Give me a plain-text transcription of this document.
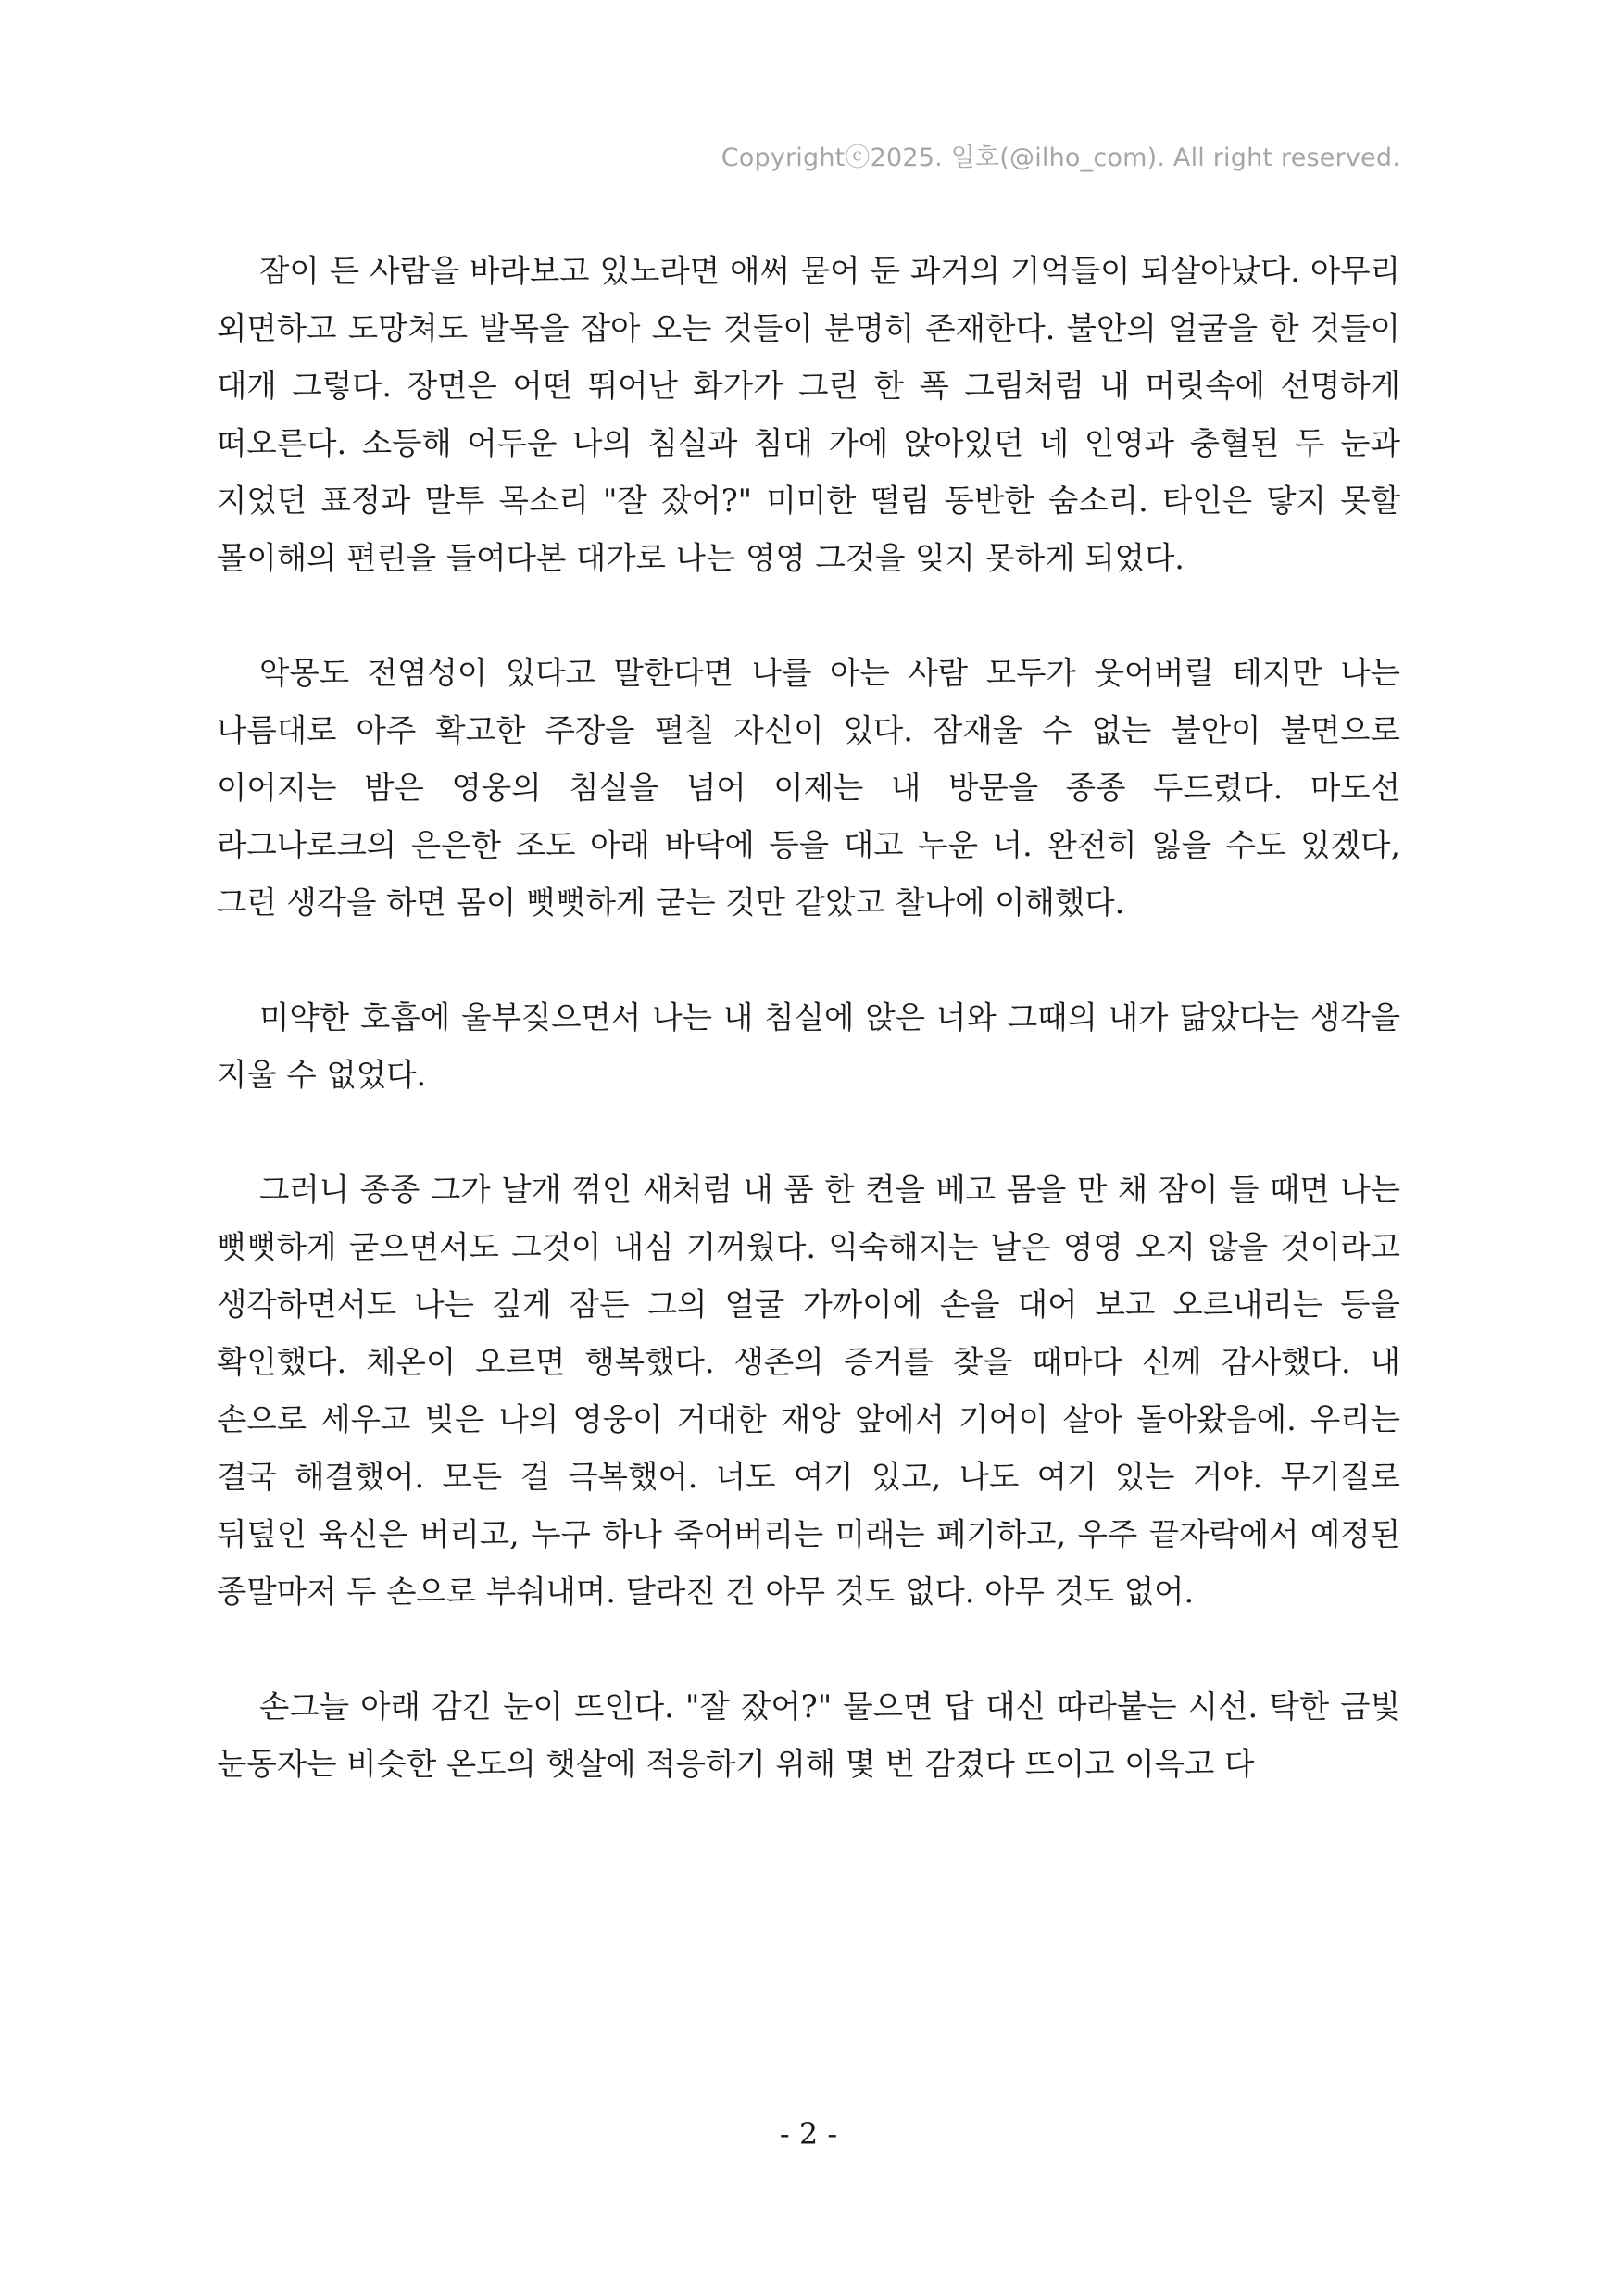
Copyrightⓒ2025. 일호(@ilho_com). All right reserved.

잠이 든 사람을 바라보고 있노라면 애써 묻어 둔 과거의 기억들이 되살아났다. 아무리 외면하고 도망쳐도 발목을 잡아 오는 것들이 분명히 존재한다. 불안의 얼굴을 한 것들이 대개 그렇다. 장면은 어떤 뛰어난 화가가 그린 한 폭 그림처럼 내 머릿속에 선명하게 떠오른다. 소등해 어두운 나의 침실과 침대 가에 앉아있던 네 인영과 충혈된 두 눈과 지었던 표정과 말투 목소리 "잘 잤어?" 미미한 떨림 동반한 숨소리. 타인은 닿지 못할 몰이해의 편린을 들여다본 대가로 나는 영영 그것을 잊지 못하게 되었다.

악몽도 전염성이 있다고 말한다면 나를 아는 사람 모두가 웃어버릴 테지만 나는 나름대로 아주 확고한 주장을 펼칠 자신이 있다. 잠재울 수 없는 불안이 불면으로 이어지는 밤은 영웅의 침실을 넘어 이제는 내 방문을 종종 두드렸다. 마도선 라그나로크의 은은한 조도 아래 바닥에 등을 대고 누운 너. 완전히 잃을 수도 있겠다, 그런 생각을 하면 몸이 뻣뻣하게 굳는 것만 같았고 찰나에 이해했다.

미약한 호흡에 울부짖으면서 나는 내 침실에 앉은 너와 그때의 내가 닮았다는 생각을 지울 수 없었다.

그러니 종종 그가 날개 꺾인 새처럼 내 품 한 켠을 베고 몸을 만 채 잠이 들 때면 나는 뻣뻣하게 굳으면서도 그것이 내심 기꺼웠다. 익숙해지는 날은 영영 오지 않을 것이라고 생각하면서도 나는 깊게 잠든 그의 얼굴 가까이에 손을 대어 보고 오르내리는 등을 확인했다. 체온이 오르면 행복했다. 생존의 증거를 찾을 때마다 신께 감사했다. 내 손으로 세우고 빚은 나의 영웅이 거대한 재앙 앞에서 기어이 살아 돌아왔음에. 우리는 결국 해결했어. 모든 걸 극복했어. 너도 여기 있고, 나도 여기 있는 거야. 무기질로 뒤덮인 육신은 버리고, 누구 하나 죽어버리는 미래는 폐기하고, 우주 끝자락에서 예정된 종말마저 두 손으로 부숴내며. 달라진 건 아무 것도 없다. 아무 것도 없어.

손그늘 아래 감긴 눈이 뜨인다. "잘 잤어?" 물으면 답 대신 따라붙는 시선. 탁한 금빛 눈동자는 비슷한 온도의 햇살에 적응하기 위해 몇 번 감겼다 뜨이고 이윽고 다

- 2 -
